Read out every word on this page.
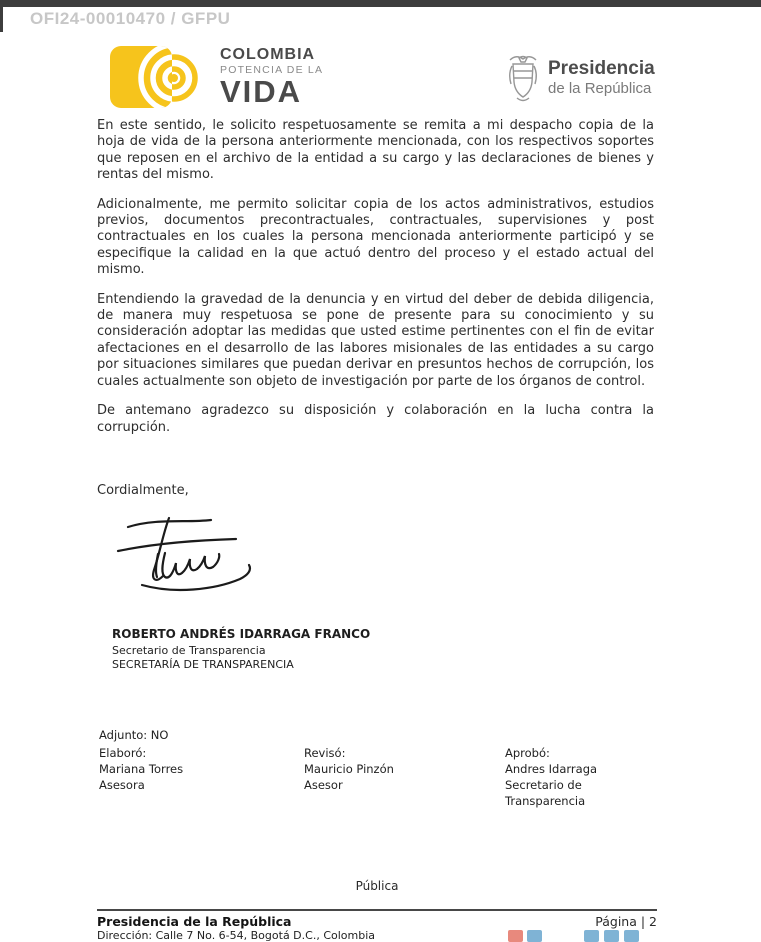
OFI24-00010470 / GFPU
COLOMBIA
POTENCIA DE LA
VIDA
Presidencia
de la República

En este sentido, le solicito respetuosamente se remita a mi despacho copia de la hoja de vida de la persona anteriormente mencionada, con los respectivos soportes que reposen en el archivo de la entidad a su cargo y las declaraciones de bienes y rentas del mismo.

Adicionalmente, me permito solicitar copia de los actos administrativos, estudios previos, documentos precontractuales, contractuales, supervisiones y post contractuales en los cuales la persona mencionada anteriormente participó y se especifique la calidad en la que actuó dentro del proceso y el estado actual del mismo.

Entendiendo la gravedad de la denuncia y en virtud del deber de debida diligencia, de manera muy respetuosa se pone de presente para su conocimiento y su consideración adoptar las medidas que usted estime pertinentes con el fin de evitar afectaciones en el desarrollo de las labores misionales de las entidades a su cargo por situaciones similares que puedan derivar en presuntos hechos de corrupción, los cuales actualmente son objeto de investigación por parte de los órganos de control.

De antemano agradezco su disposición y colaboración en la lucha contra la corrupción.

Cordialmente,
ROBERTO ANDRÉS IDARRAGA FRANCO
Secretario de Transparencia
SECRETARÍA DE TRANSPARENCIA
Adjunto: NO
Elaboró:
Mariana Torres
Asesora
Revisó:
Mauricio Pinzón
Asesor
Aprobó:
Andres Idarraga
Secretario de Transparencia
Pública
Presidencia de la República	Página | 2
Dirección: Calle 7 No. 6-54, Bogotá D.C., Colombia
